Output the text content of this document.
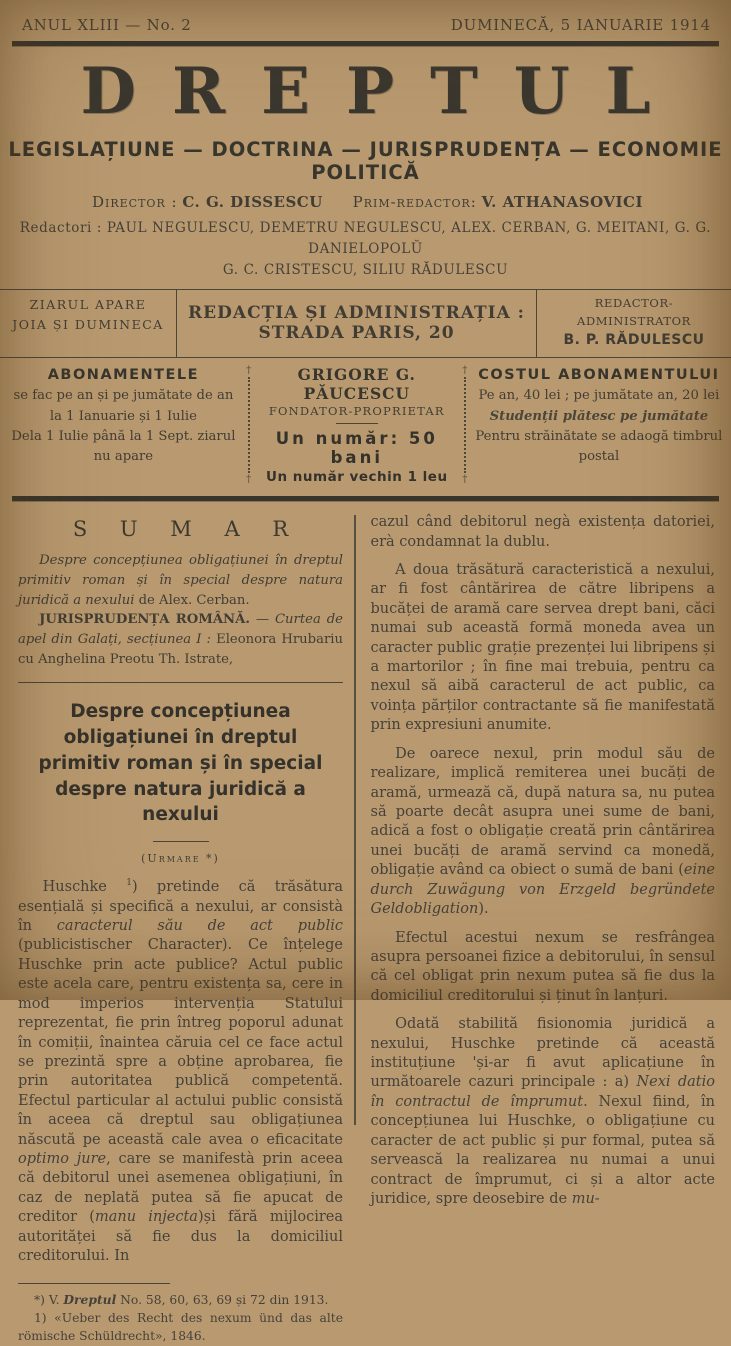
ANUL XLIII — No. 2	DUMINECĂ, 5 IANUARIE 1914
DREPTUL
LEGISLAȚIUNE — DOCTRINA — JURISPRUDENȚA — ECONOMIE POLITICĂ
Director : C. G. DISSESCU Prim-redactor: V. ATHANASOVICI
Redactori : PAUL NEGULESCU, DEMETRU NEGULESCU, ALEX. CERBAN, G. MEITANI, G. G. DANIELOPOLŬ
G. C. CRISTESCU, SILIU RĂDULESCU
ZIARUL APARE
JOIA ȘI DUMINECA
REDACȚIA ȘI ADMINISTRAȚIA : STRADA PARIS, 20
REDACTOR-ADMINISTRATOR
B. P. RĂDULESCU
ABONAMENTELE
se fac pe an și pe jumătate de an
la 1 Ianuarie și 1 Iulie
Dela 1 Iulie până la 1 Sept. ziarul nu apare
†
†
GRIGORE G. PĂUCESCU
FONDATOR-PROPRIETAR
Un număr: 50 bani
Un număr vechin 1 leu
†
†
COSTUL ABONAMENTULUI
Pe an, 40 lei ; pe jumătate an, 20 lei
Studenții plătesc pe jumătate
Pentru străinătate se adaogă timbrul postal
S U M A R

Despre concepțiunea obligațiunei în dreptul primitiv roman și în special despre natura juridică a nexului de Alex. Cerban.

JURISPRUDENȚA ROMÂNĂ. — Curtea de apel din Galați, secțiunea I : Eleonora Hrubariu cu Anghelina Preotu Th. Istrate,

Despre concepțiunea obligațiunei în dreptul primitiv roman și în special despre natura juridică a nexului
(Urmare *)

Huschke $^1$) pretinde că trăsătura esențială și specifică a nexului, ar consistà în caracterul său de act public (publicistischer Character). Ce înțelege Huschke prin acte publice? Actul public este acela care, pentru existența sa, cere in mod imperios intervenția Statului reprezentat, fie prin întreg poporul adunat în comiții, înaintea căruia cel ce face actul se prezintă spre a obține aprobarea, fie prin autoritatea publică competentă. Efectul particular al actului public consistă în aceea că dreptul sau obligațiunea născută pe această cale avea o eficacitate optimo jure, care se manifestà prin aceea că debitorul unei asemenea obligațiuni, în caz de neplată putea să fie apucat de creditor (manu injecta)și fără mijlocirea autorităței să fie dus la domiciliul creditorului. In

*) V. Dreptul No. 58, 60, 63, 69 și 72 din 1913.

1) «Ueber des Recht des nexum ünd das alte römische Schüldrecht», 1846.

cazul când debitorul negà existența datoriei, erà condamnat la dublu.

A doua trăsătură caracteristică a nexului, ar fi fost cântărirea de către libripens a bucăței de aramă care servea drept bani, căci numai sub această formă moneda avea un caracter public grație prezenței lui libripens și a martorilor ; în fine mai trebuia, pentru ca nexul să aibă caracterul de act public, ca voința părților contractante să fie manifestată prin expresiuni anumite.

De oarece nexul, prin modul său de realizare, implică remiterea unei bucăți de aramă, urmează că, după natura sa, nu putea să poarte decât asupra unei sume de bani, adică a fost o obligație creată prin cântărirea unei bucăți de aramă servind ca monedă, obligație având ca obiect o sumă de bani (eine durch Zuwägung von Erzgeld begründete Geldobligation).

Efectul acestui nexum se resfrângea asupra persoanei fizice a debitorului, în sensul că cel obligat prin nexum putea să fie dus la domiciliul creditorului și ținut în lanțuri.

Odată stabilită fisionomia juridică a nexului, Huschke pretinde că această instituțiune 'și-ar fi avut aplicațiune în următoarele cazuri principale : a) Nexi datio în contractul de împrumut. Nexul fiind, în concepțiunea lui Huschke, o obligațiune cu caracter de act public și pur formal, putea să servească la realizarea nu numai a unui contract de împrumut, ci și a altor acte juridice, spre deosebire de mu-
